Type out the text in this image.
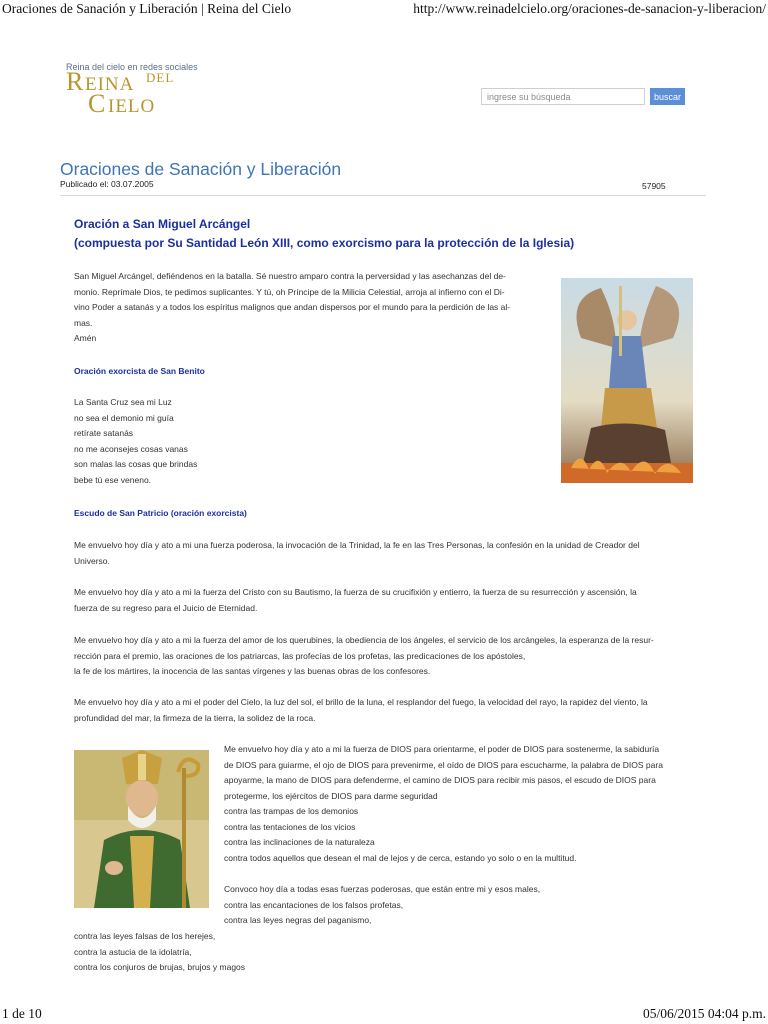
Oraciones de Sanación y Liberación | Reina del Cielo	http://www.reinadelcielo.org/oraciones-de-sanacion-y-liberacion/
Reina del cielo en redes sociales
R EINA DEL
C IELO
ingrese su búsqueda	buscar
Oraciones de Sanación y Liberación
Publicado el: 03.07.2005	57905
Oración a San Miguel Arcángel
(compuesta por Su Santidad León XIII, como exorcismo para la protección de la Iglesia)
San Miguel Arcángel, defiéndenos en la batalla. Sé nuestro amparo contra la perversidad y las asechanzas del de-
monio. Reprímale Dios, te pedimos suplicantes. Y tú, oh Príncipe de la Milicia Celestial, arroja al infierno con el Di-
vino Poder a satanás y a todos los espíritus malignos que andan dispersos por el mundo para la perdición de las al-
mas.
Amén
Oración exorcista de San Benito
La Santa Cruz sea mi Luz
no sea el demonio mi guía
retírate satanás
no me aconsejes cosas vanas
son malas las cosas que brindas
bebe tú ese veneno.
Escudo de San Patricio (oración exorcista)
Me envuelvo hoy día y ato a mi una fuerza poderosa, la invocación de la Trinidad, la fe en las Tres Personas, la confesión en la unidad de Creador del
Universo.
Me envuelvo hoy día y ato a mi la fuerza del Cristo con su Bautismo, la fuerza de su crucifixión y entierro, la fuerza de su resurrección y ascensión, la
fuerza de su regreso para el Juicio de Eternidad.
Me envuelvo hoy día y ato a mi la fuerza del amor de los querubines, la obediencia de los ángeles, el servicio de los arcángeles, la esperanza de la resur-
rección para el premio, las oraciones de los patriarcas, las profecías de los profetas, las predicaciones de los apóstoles,
la fe de los mártires, la inocencia de las santas vírgenes y las buenas obras de los confesores.
Me envuelvo hoy día y ato a mi el poder del Cielo, la luz del sol, el brillo de la luna, el resplandor del fuego, la velocidad del rayo, la rapidez del viento, la
profundidad del mar, la firmeza de la tierra, la solidez de la roca.
Me envuelvo hoy día y ato a mi la fuerza de DIOS para orientarme, el poder de DIOS para sostenerme, la sabiduría
de DIOS para guiarme, el ojo de DIOS para prevenirme, el oído de DIOS para escucharme, la palabra de DIOS para
apoyarme, la mano de DIOS para defenderme, el camino de DIOS para recibir mis pasos, el escudo de DIOS para
protegerme, los ejércitos de DIOS para darme seguridad
contra las trampas de los demonios
contra las tentaciones de los vicios
contra las inclinaciones de la naturaleza
contra todos aquellos que desean el mal de lejos y de cerca, estando yo solo o en la multitud.
Convoco hoy día a todas esas fuerzas poderosas, que están entre mi y esos males,
contra las encantaciones de los falsos profetas,
contra las leyes negras del paganismo,
contra las leyes falsas de los herejes,
contra la astucia de la idolatría,
contra los conjuros de brujas, brujos y magos
1 de 10	05/06/2015 04:04 p.m.
